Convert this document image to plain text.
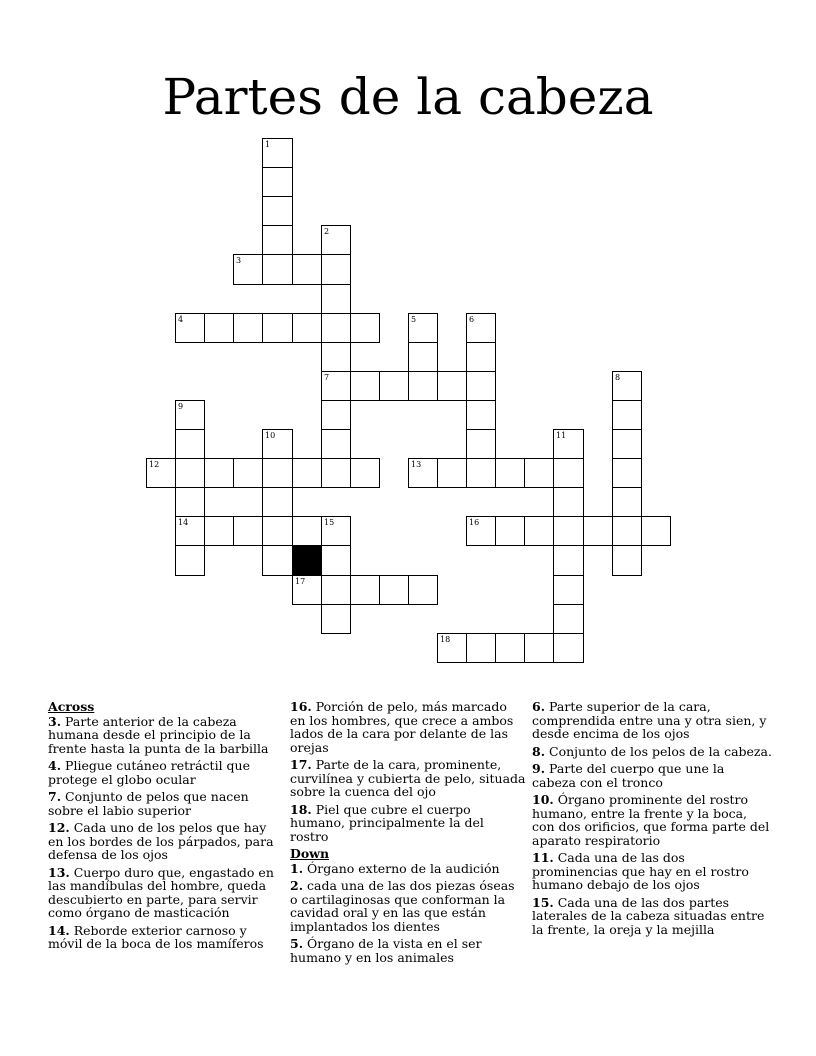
Partes de la cabeza
1
2
3
4	5	6
7	8
9
10	11
12	13
14	15	16
17
18
Across
3. Parte anterior de la cabeza humana desde el principio de la frente hasta la punta de la barbilla
4. Pliegue cutáneo retráctil que protege el globo ocular
7. Conjunto de pelos que nacen sobre el labio superior
12. Cada uno de los pelos que hay en los bordes de los párpados, para defensa de los ojos
13. Cuerpo duro que, engastado en las mandíbulas del hombre, queda descubierto en parte, para servir como órgano de masticación
14. Reborde exterior carnoso y móvil de la boca de los mamíferos
16. Porción de pelo, más marcado en los hombres, que crece a ambos lados de la cara por delante de las orejas
17. Parte de la cara, prominente, curvilínea y cubierta de pelo, situada sobre la cuenca del ojo
18. Piel que cubre el cuerpo humano, principalmente la del rostro
Down
1. Órgano externo de la audición
2. cada una de las dos piezas óseas o cartilaginosas que conforman la cavidad oral y en las que están implantados los dientes
5. Órgano de la vista en el ser humano y en los animales
6. Parte superior de la cara, comprendida entre una y otra sien, y desde encima de los ojos
8. Conjunto de los pelos de la cabeza.
9. Parte del cuerpo que une la cabeza con el tronco
10. Órgano prominente del rostro humano, entre la frente y la boca, con dos orificios, que forma parte del aparato respiratorio
11. Cada una de las dos prominencias que hay en el rostro humano debajo de los ojos
15. Cada una de las dos partes laterales de la cabeza situadas entre la frente, la oreja y la mejilla
